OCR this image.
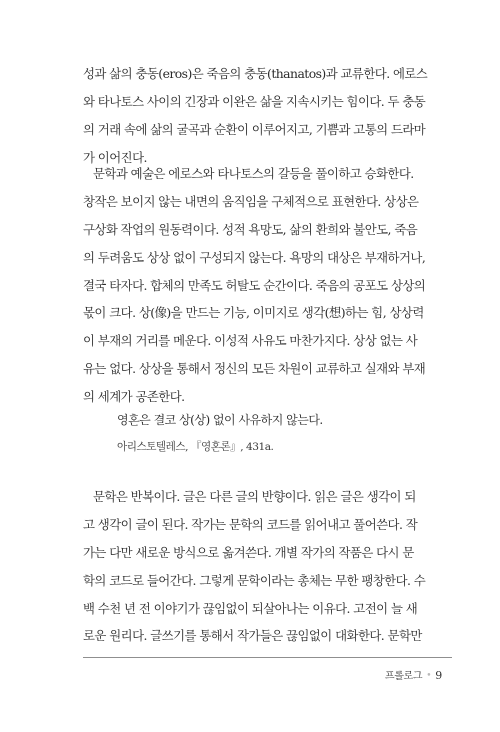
성과 삶의 충동(eros)은 죽음의 충동(thanatos)과 교류한다. 에로스
와 타나토스 사이의 긴장과 이완은 삶을 지속시키는 힘이다. 두 충동
의 거래 속에 삶의 굴곡과 순환이 이루어지고, 기쁨과 고통의 드라마
가 이어진다.
문학과 예술은 에로스와 타나토스의 갈등을 풀이하고 승화한다.
창작은 보이지 않는 내면의 움직임을 구체적으로 표현한다. 상상은
구상화 작업의 원동력이다. 성적 욕망도, 삶의 환희와 불안도, 죽음
의 두려움도 상상 없이 구성되지 않는다. 욕망의 대상은 부재하거나,
결국 타자다. 합체의 만족도 허탈도 순간이다. 죽음의 공포도 상상의
몫이 크다. 상(像)을 만드는 기능, 이미지로 생각(想)하는 힘, 상상력
이 부재의 거리를 메운다. 이성적 사유도 마찬가지다. 상상 없는 사
유는 없다. 상상을 통해서 정신의 모든 차원이 교류하고 실재와 부재
의 세계가 공존한다.
영혼은 결코 상(상) 없이 사유하지 않는다.
아리스토텔레스, 『영혼론』, 431a.
문학은 반복이다. 글은 다른 글의 반향이다. 읽은 글은 생각이 되
고 생각이 글이 된다. 작가는 문학의 코드를 읽어내고 풀어쓴다. 작
가는 다만 새로운 방식으로 옮겨쓴다. 개별 작가의 작품은 다시 문
학의 코드로 들어간다. 그렇게 문학이라는 총체는 무한 팽창한다. 수
백 수천 년 전 이야기가 끊임없이 되살아나는 이유다. 고전이 늘 새
로운 원리다. 글쓰기를 통해서 작가들은 끊임없이 대화한다. 문학만
프롤로그 • 9
